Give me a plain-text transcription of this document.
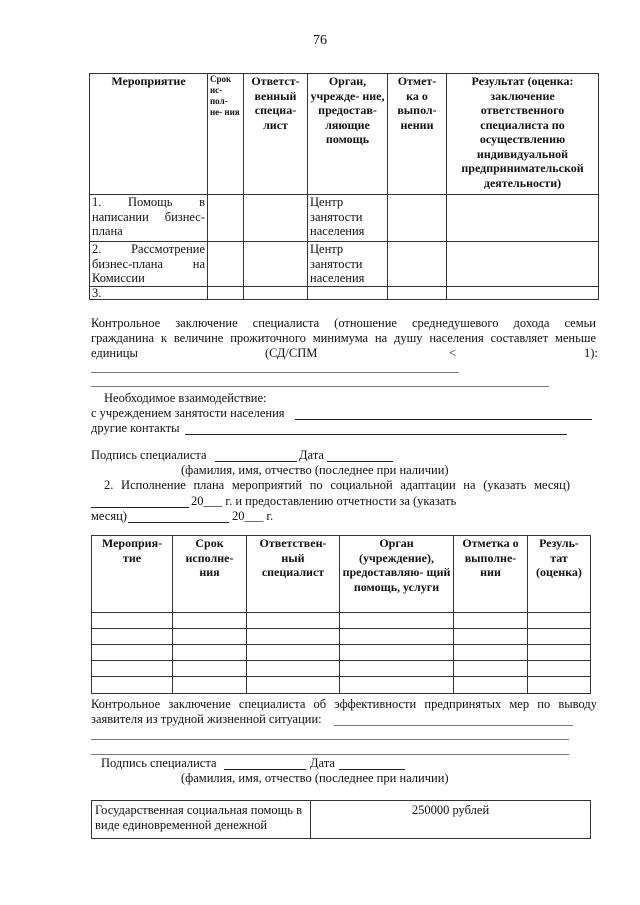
76
Мероприятие	Срок ис- пол- не- ния	Ответст- венный специа- лист	Орган, учрежде- ние, предостав- ляющие помощь	Отмет- ка о выпол- нении	Результат (оценка: заключение ответственного специалиста по осуществлению индивидуальной предпринимательской деятельности)
1. Помощь в написании бизнес-плана			Центр занятости населения		
2. Рассмотрение бизнес-плана на Комиссии			Центр занятости населения		
3.					
Контрольное заключение специалиста (отношение среднедушевого дохода семьи
гражданина к величине прожиточного минимума на душу населения составляет меньше
единицы	(СД/СПМ	<	1):
Необходимое взаимодействие:
с учреждением занятости населения
другие контакты
Подпись специалиста	Дата
(фамилия, имя, отчество (последнее при наличии)
2. Исполнение плана мероприятий по социальной адаптации на (указать месяц)
20___ г. и предоставлению отчетности за (указать
месяц)	20___ г.
Мероприя- тие	Срок исполне- ния	Ответствен- ный специалист	Орган (учреждение), предоставляю- щий помощь, услуги	Отметка о выполне- нии	Резуль- тат (оценка)

Контрольное заключение специалиста об эффективности предпринятых мер по выводу
заявителя из трудной жизненной ситуации:
Подпись специалиста	Дата
(фамилия, имя, отчество (последнее при наличии)
Государственная социальная помощь в виде единовременной денежной	250000 рублей
